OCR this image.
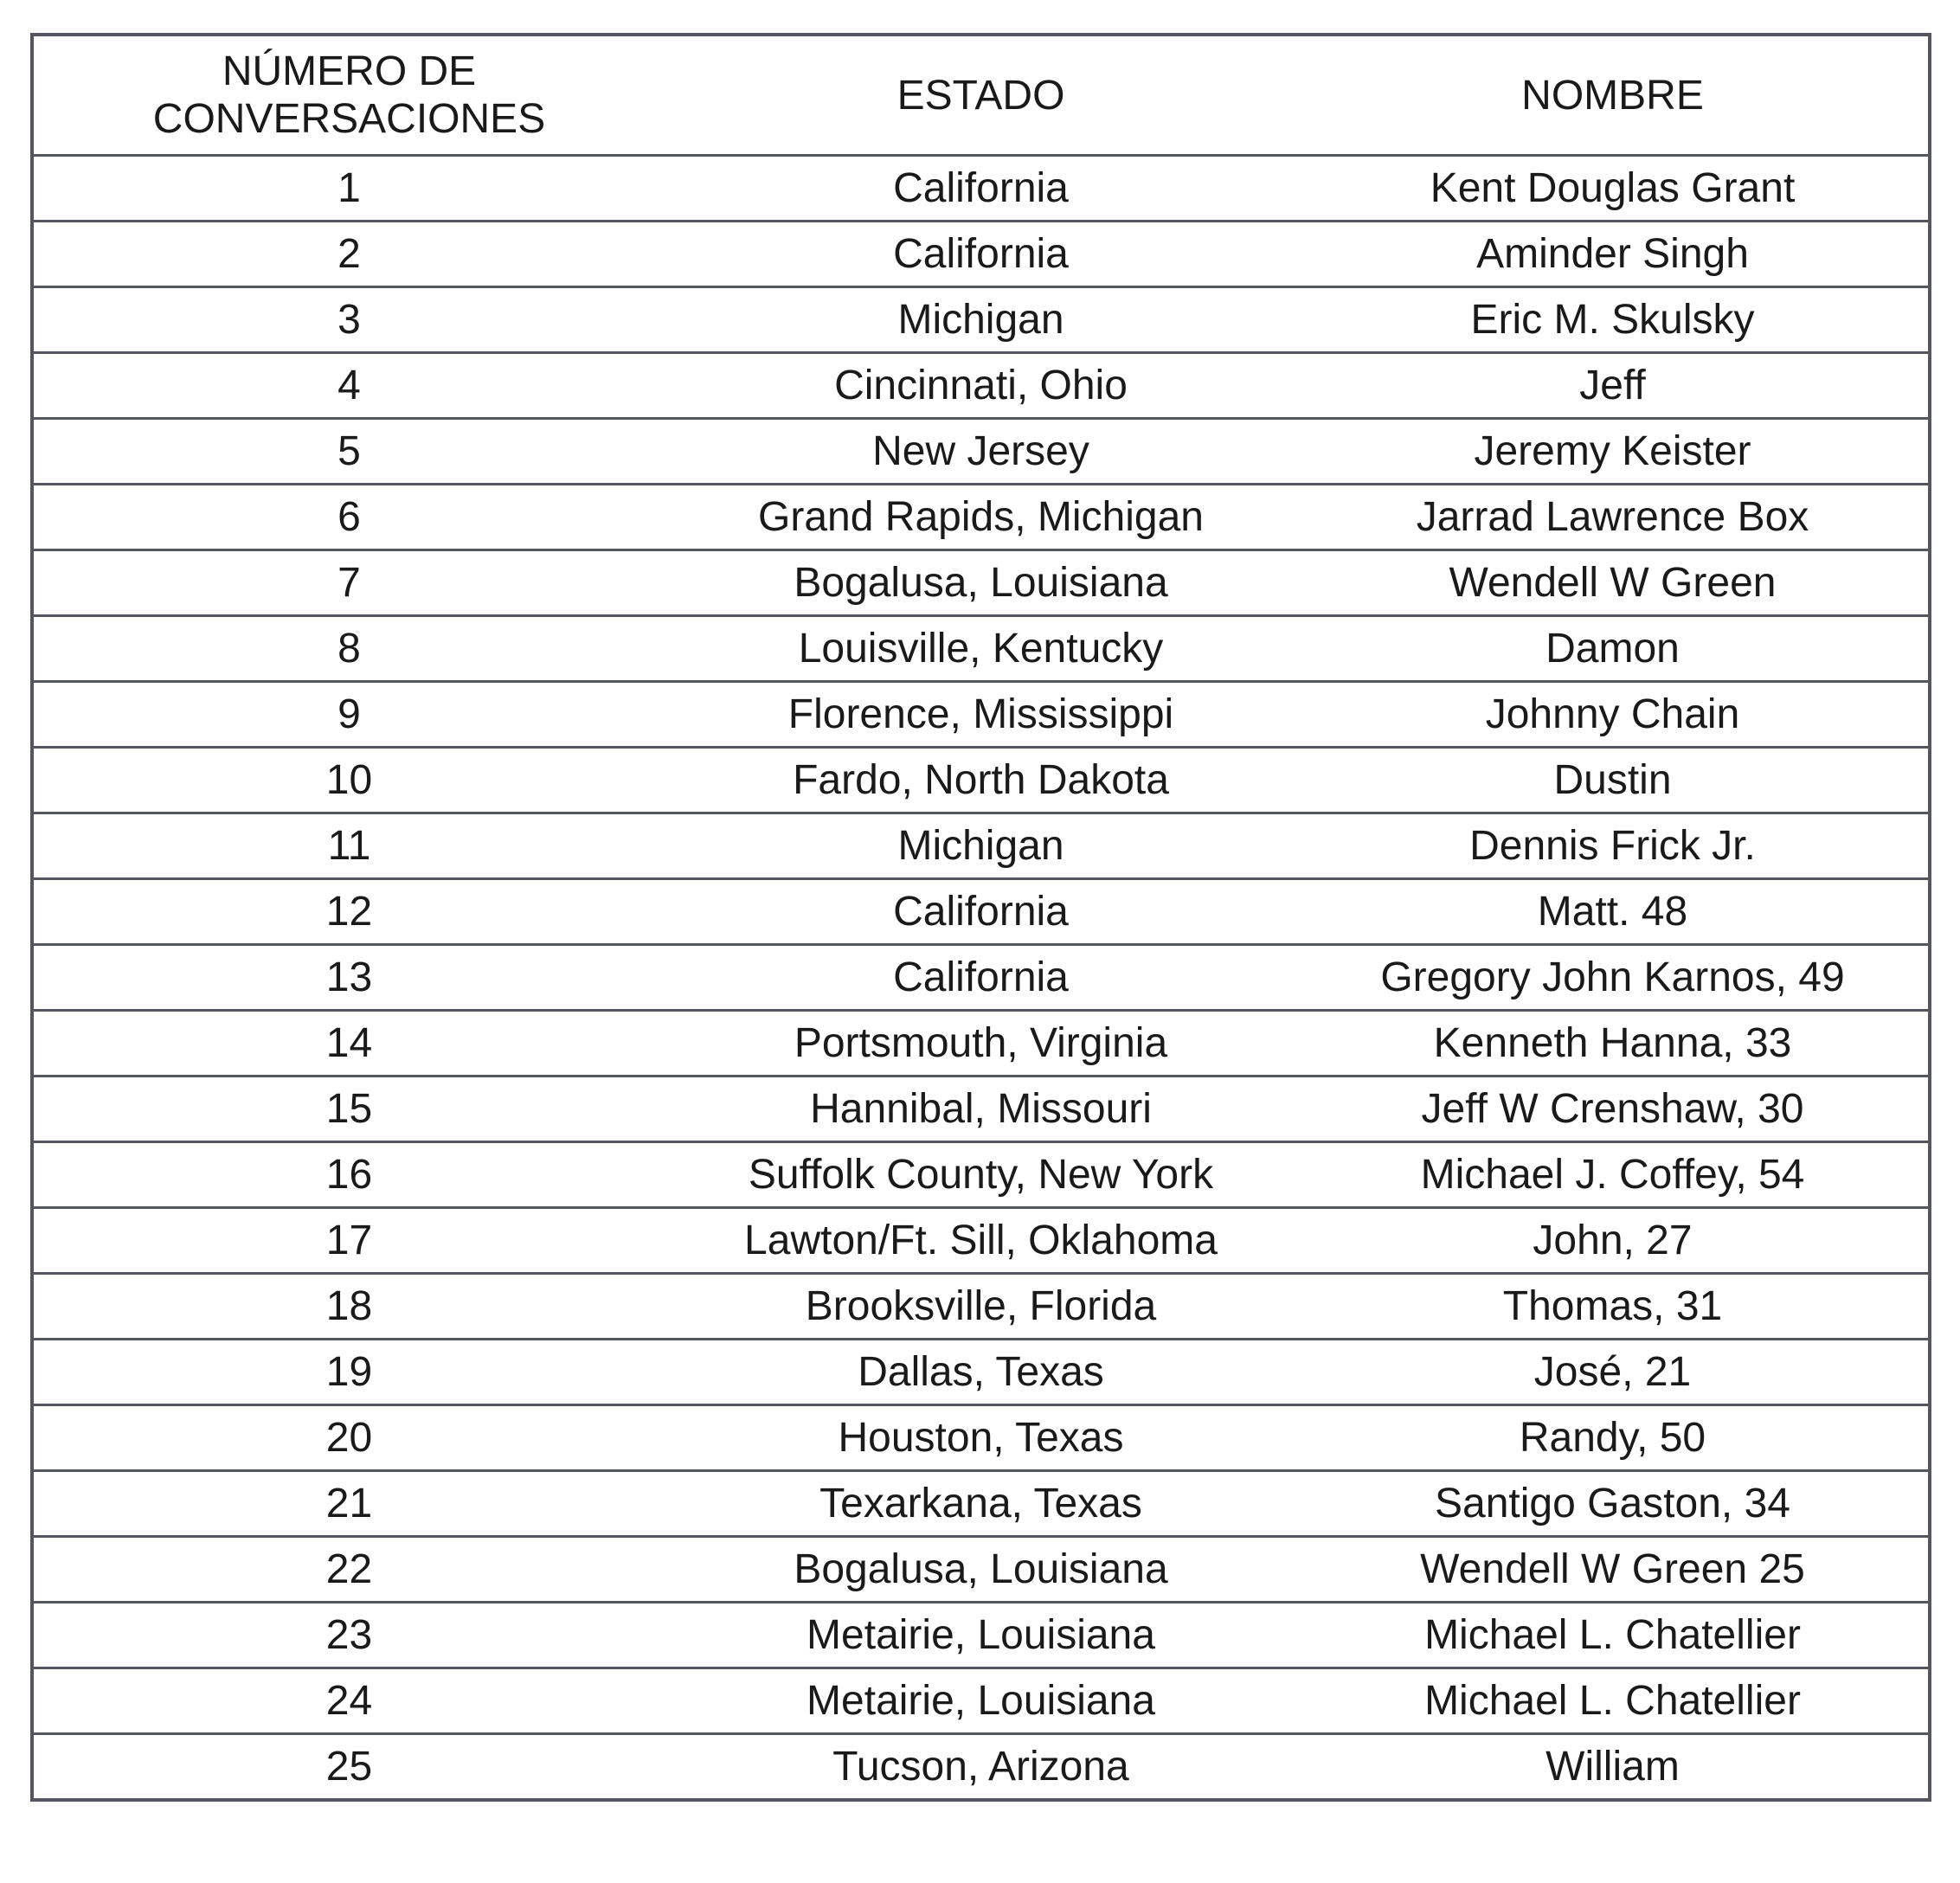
NÚMERO DE CONVERSACIONES	ESTADO	NOMBRE
1	California	Kent Douglas Grant
2	California	Aminder Singh
3	Michigan	Eric M. Skulsky
4	Cincinnati, Ohio	Jeff
5	New Jersey	Jeremy Keister
6	Grand Rapids, Michigan	Jarrad Lawrence Box
7	Bogalusa, Louisiana	Wendell W Green
8	Louisville, Kentucky	Damon
9	Florence, Mississippi	Johnny Chain
10	Fardo, North Dakota	Dustin
11	Michigan	Dennis Frick Jr.
12	California	Matt. 48
13	California	Gregory John Karnos, 49
14	Portsmouth, Virginia	Kenneth Hanna, 33
15	Hannibal, Missouri	Jeff W Crenshaw, 30
16	Suffolk County, New York	Michael J. Coffey, 54
17	Lawton/Ft. Sill, Oklahoma	John, 27
18	Brooksville, Florida	Thomas, 31
19	Dallas, Texas	José, 21
20	Houston, Texas	Randy, 50
21	Texarkana, Texas	Santigo Gaston, 34
22	Bogalusa, Louisiana	Wendell W Green 25
23	Metairie, Louisiana	Michael L. Chatellier
24	Metairie, Louisiana	Michael L. Chatellier
25	Tucson, Arizona	William
